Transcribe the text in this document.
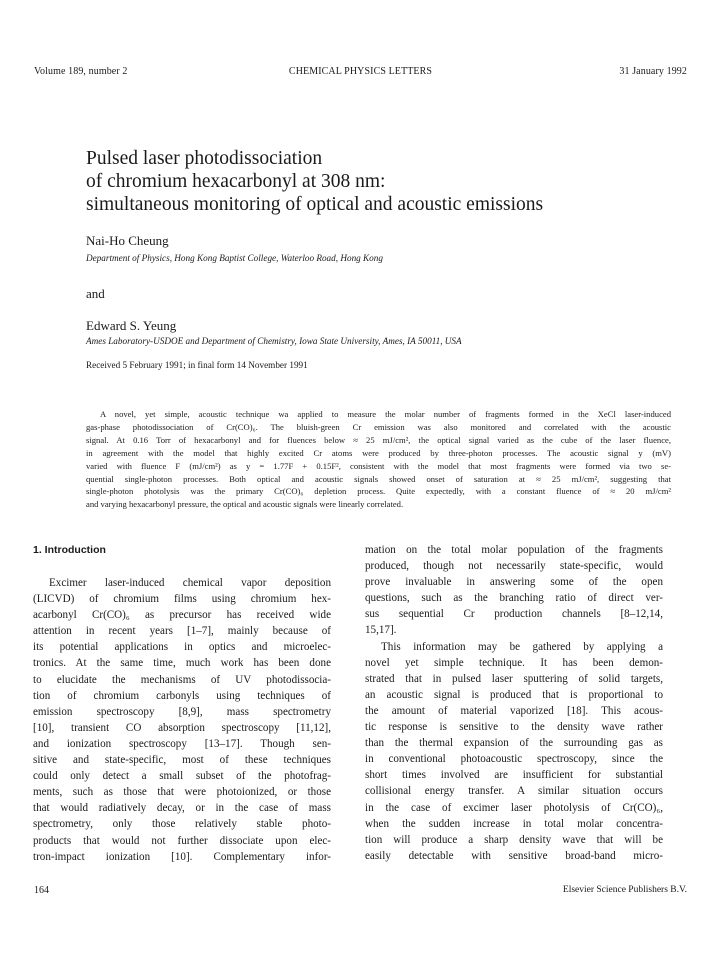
Volume 189, number 2	CHEMICAL PHYSICS LETTERS	31 January 1992
Pulsed laser photodissociation
of chromium hexacarbonyl at 308 nm:
simultaneous monitoring of optical and acoustic emissions
Nai-Ho Cheung
Department of Physics, Hong Kong Baptist College, Waterloo Road, Hong Kong
and
Edward S. Yeung
Ames Laboratory-USDOE and Department of Chemistry, Iowa State University, Ames, IA 50011, USA
Received 5 February 1991; in final form 14 November 1991
A novel, yet simple, acoustic technique wa applied to measure the molar number of fragments formed in the XeCl laser-induced
gas-phase photodissociation of Cr(CO)₆. The bluish-green Cr emission was also monitored and correlated with the acoustic
signal. At 0.16 Torr of hexacarbonyl and for fluences below ≈ 25 mJ/cm², the optical signal varied as the cube of the laser fluence,
in agreement with the model that highly excited Cr atoms were produced by three-photon processes. The acoustic signal y (mV)
varied with fluence F (mJ/cm²) as y = 1.77F + 0.15F², consistent with the model that most fragments were formed via two se-
quential single-photon processes. Both optical and acoustic signals showed onset of saturation at ≈ 25 mJ/cm², suggesting that
single-photon photolysis was the primary Cr(CO)₆ depletion process. Quite expectedly, with a constant fluence of ≈ 20 mJ/cm²
and varying hexacarbonyl pressure, the optical and acoustic signals were linearly correlated.
1. Introduction
Excimer laser-induced chemical vapor deposition
(LICVD) of chromium films using chromium hex-
acarbonyl Cr(CO)₆ as precursor has received wide
attention in recent years [1–7], mainly because of
its potential applications in optics and microelec-
tronics. At the same time, much work has been done
to elucidate the mechanisms of UV photodissocia-
tion of chromium carbonyls using techniques of
emission spectroscopy [8,9], mass spectrometry
[10], transient CO absorption spectroscopy [11,12],
and ionization spectroscopy [13–17]. Though sen-
sitive and state-specific, most of these techniques
could only detect a small subset of the photofrag-
ments, such as those that were photoionized, or those
that would radiatively decay, or in the case of mass
spectrometry, only those relatively stable photo-
products that would not further dissociate upon elec-
tron-impact ionization [10]. Complementary infor-
mation on the total molar population of the fragments
produced, though not necessarily state-specific, would
prove invaluable in answering some of the open
questions, such as the branching ratio of direct ver-
sus sequential Cr production channels [8–12,14,
15,17].
This information may be gathered by applying a
novel yet simple technique. It has been demon-
strated that in pulsed laser sputtering of solid targets,
an acoustic signal is produced that is proportional to
the amount of material vaporized [18]. This acous-
tic response is sensitive to the density wave rather
than the thermal expansion of the surrounding gas as
in conventional photoacoustic spectroscopy, since the
short times involved are insufficient for substantial
collisional energy transfer. A similar situation occurs
in the case of excimer laser photolysis of Cr(CO)₆,
when the sudden increase in total molar concentra-
tion will produce a sharp density wave that will be
easily detectable with sensitive broad-band micro-
164	Elsevier Science Publishers B.V.
